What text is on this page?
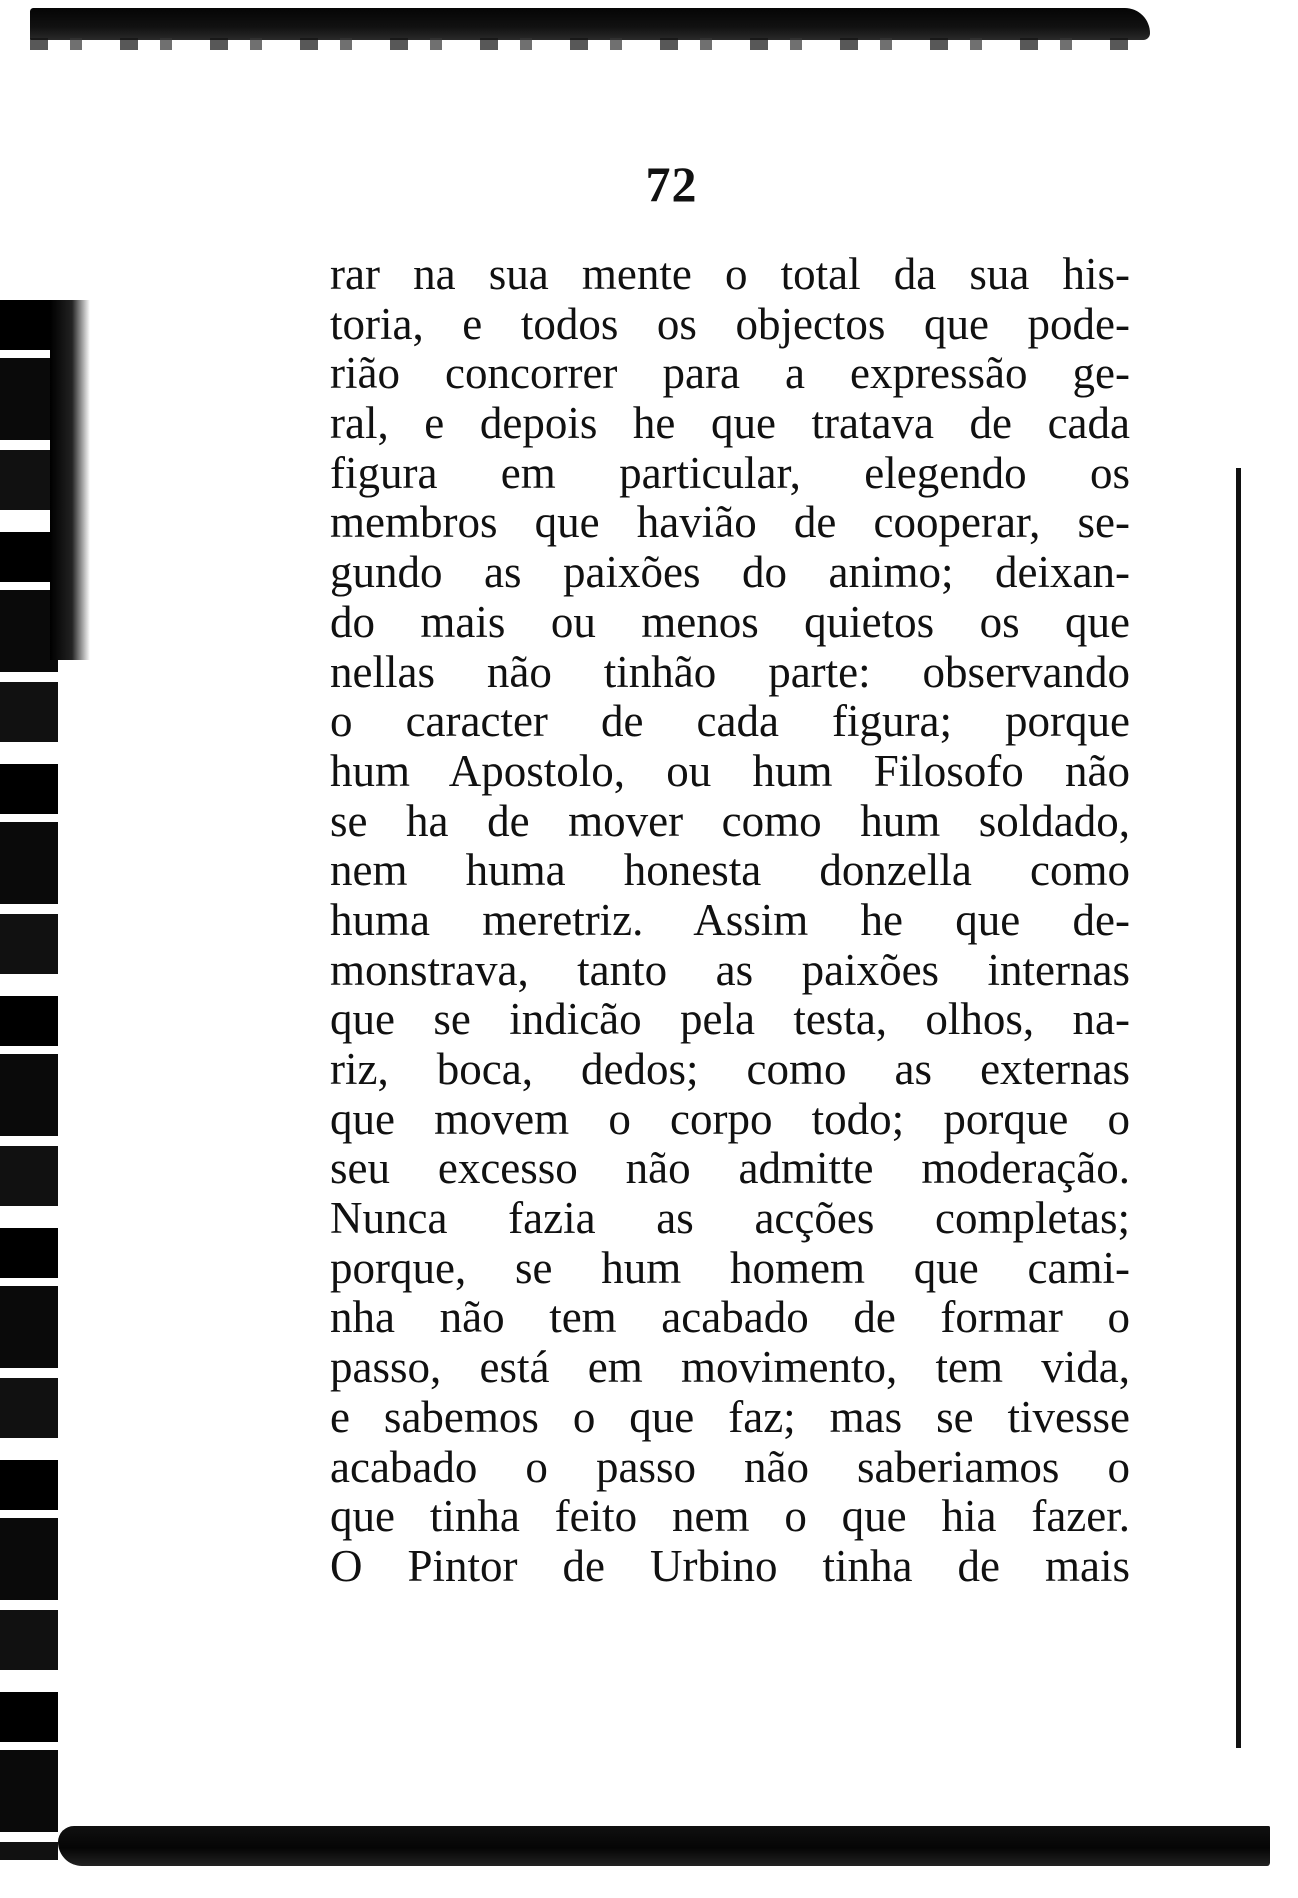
72
rar na sua mente o total da sua his-
toria, e todos os objectos que pode-
rião concorrer para a expressão ge-
ral, e depois he que tratava de cada
figura em particular, elegendo os
membros que havião de cooperar, se-
gundo as paixões do animo; deixan-
do mais ou menos quietos os que
nellas não tinhão parte: observando
o caracter de cada figura; porque
hum Apostolo, ou hum Filosofo não
se ha de mover como hum soldado,
nem huma honesta donzella como
huma meretriz. Assim he que de-
monstrava, tanto as paixões internas
que se indicão pela testa, olhos, na-
riz, boca, dedos; como as externas
que movem o corpo todo; porque o
seu excesso não admitte moderação.
Nunca fazia as acções completas;
porque, se hum homem que cami-
nha não tem acabado de formar o
passo, está em movimento, tem vida,
e sabemos o que faz; mas se tivesse
acabado o passo não saberiamos o
que tinha feito nem o que hia fazer.
O Pintor de Urbino tinha de mais
